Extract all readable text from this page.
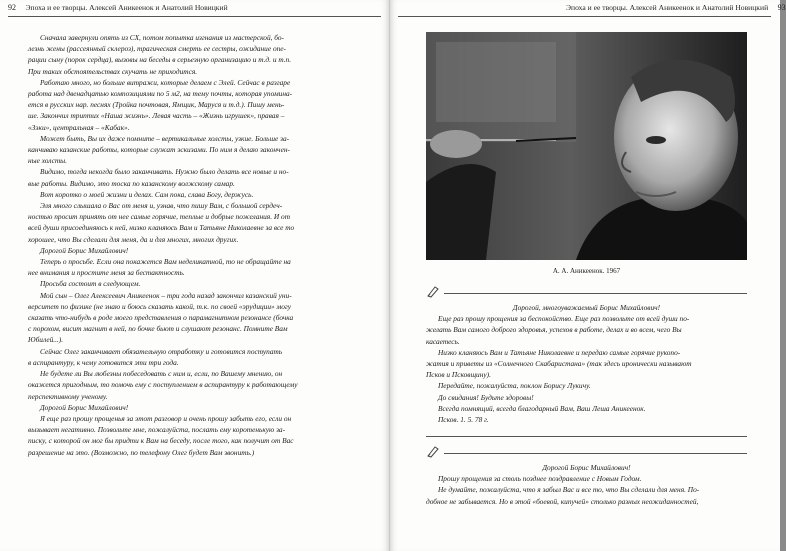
92 Эпоха и ее творцы. Алексей Аникеенок и Анатолий Новицкий

Сначала завернули опять из СХ, потом попытка изгнания из мастерской, бо-

лезнь жены (рассеянный склероз), трагическая смерть ее сестры, ожидание опе-

рации сыну (порок сердца), вызовы на беседы в серьезную организацию и т.д. и т.п.

При таких обстоятельствах скучать не приходится.

Работаю много, но больше витражи, которые делаем с Элей. Сейчас в разгаре

работа над двенадцатью композициями по 5 м2, на тему почты, которая упомина-

ется в русских нар. песнях (Тройка почтовая, Ямщик, Маруся и т.д.). Пишу мень-

ше. Закончил триптих «Наша жизнь». Левая часть – «Жизнь игрушек», правая –

«Зэки», центральная – «Кабак».

Может быть, Вы их даже помните – вертикальные холсты, узкие. Больше за-

канчиваю казанские работы, которые служат эскизами. По ним я делаю закончен-

ные холсты.

Видимо, тогда некогда было заканчивать. Нужно было делать все новые и но-

вые работы. Видимо, это тоска по казанскому волжскому самар.

Вот коротко о моей жизни и делах. Сам пока, слава Богу, держусь.

Эля много слышала о Вас от меня и, узнав, что пишу Вам, с большой сердеч-

ностью просит принять от нее самые горячие, теплые и добрые пожелания. И от

всей души присоединяюсь к ней, низко кланяюсь Вам и Татьяне Николаевне за все то

хорошее, что Вы сделали для меня, да и для многих, многих других.

Дорогой Борис Михайлович!

Теперь о просьбе. Если она покажется Вам неделикатной, то не обращайте на

нее внимания и простите меня за бестактность.

Просьба состоит в следующем.

Мой сын – Олег Алексеевич Аникеенок – три года назад закончил казанский уни-

верситет по физике (не знаю и боюсь сказать какой, т.к. по своей «эрудиции» могу

сказать что-нибудь в роде моего представления о парамагнитном резонансе (бочка

с порохом, висит магнит в ней, по бочке бьют и слушают резонанс. Помните Вам

Юбилей...).

Сейчас Олег заканчивает обязательную отработку и готовится поступать

в аспирантуру, к чему готовится эти три года.

Не будете ли Вы любезны побеседовать с ним и, если, по Вашему мнению, он

окажется пригодным, то помочь ему с поступлением в аспирантуру к работающему

перспективному ученому.

Дорогой Борис Михайлович!

Я еще раз прошу прощенья за этот разговор и очень прошу забыть его, если он

вызывает негативно. Позвольте мне, пожалуйста, послать ему коротенькую за-

писку, с которой он мог бы придти к Вам на беседу, после того, как получит от Вас

разрешение на это. (Возможно, по телефону Олег будет Вам звонить.)

Эпоха и ее творцы. Алексей Аникеенок и Анатолий Новицкий 93
А. А. Аникеенок. 1967

Дорогой, многоуважаемый Борис Михайлович!

Еще раз прошу прощения за беспокойство. Еще раз позвольте от всей души по-

желать Вам самого доброго здоровья, успехов в работе, делах и во всем, чего Вы

касаетесь.

Низко кланяюсь Вам и Татьяне Николаевне и передаю самые горячие рукопо-

жатия и приветы из «Солнечного Скабаристана» (так здесь иронически называют

Псков и Псковщину).

Передайте, пожалуйста, поклон Борису Лукичу.

До свидания! Будьте здоровы!

Всегда помнящий, всегда благодарный Вам, Ваш Леша Аникеенок.

Псков. 1. 5. 78 г.

Дорогой Борис Михайлович!

Прошу прощения за столь позднее поздравление с Новым Годом.

Не думайте, пожалуйста, что я забыл Вас и все то, что Вы сделали для меня. По-

добное не забывается. Но в этой «боевой, кипучей» столько разных неожиданностей,
